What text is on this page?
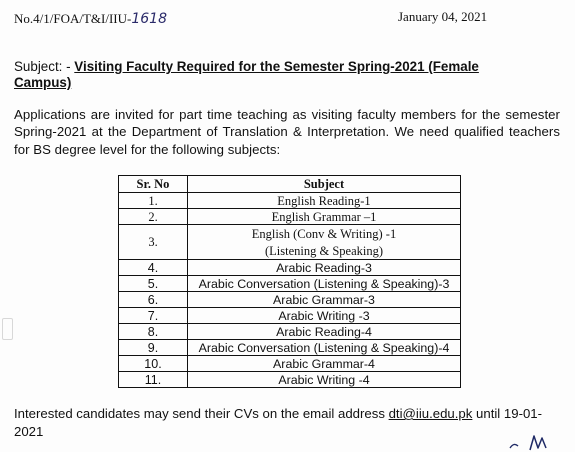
No.4/1/FOA/T&I/IIU-1618	January 04, 2021
Subject: - Visiting Faculty Required for the Semester Spring-2021 (Female Campus)
Applications are invited for part time teaching as visiting faculty members for the semester Spring-2021 at the Department of Translation & Interpretation. We need qualified teachers for BS degree level for the following subjects:
Sr. No	Subject
1.	English Reading-1
2.	English Grammar –1
3.	English (Conv & Writing) -1
(Listening & Speaking)

4.	Arabic Reading-3
5.	Arabic Conversation (Listening & Speaking)-3
6.	Arabic Grammar-3
7.	Arabic Writing -3
8.	Arabic Reading-4
9.	Arabic Conversation (Listening & Speaking)-4
10.	Arabic Grammar-4
11.	Arabic Writing -4
Interested candidates may send their CVs on the email address dti@iiu.edu.pk until 19-01-2021
